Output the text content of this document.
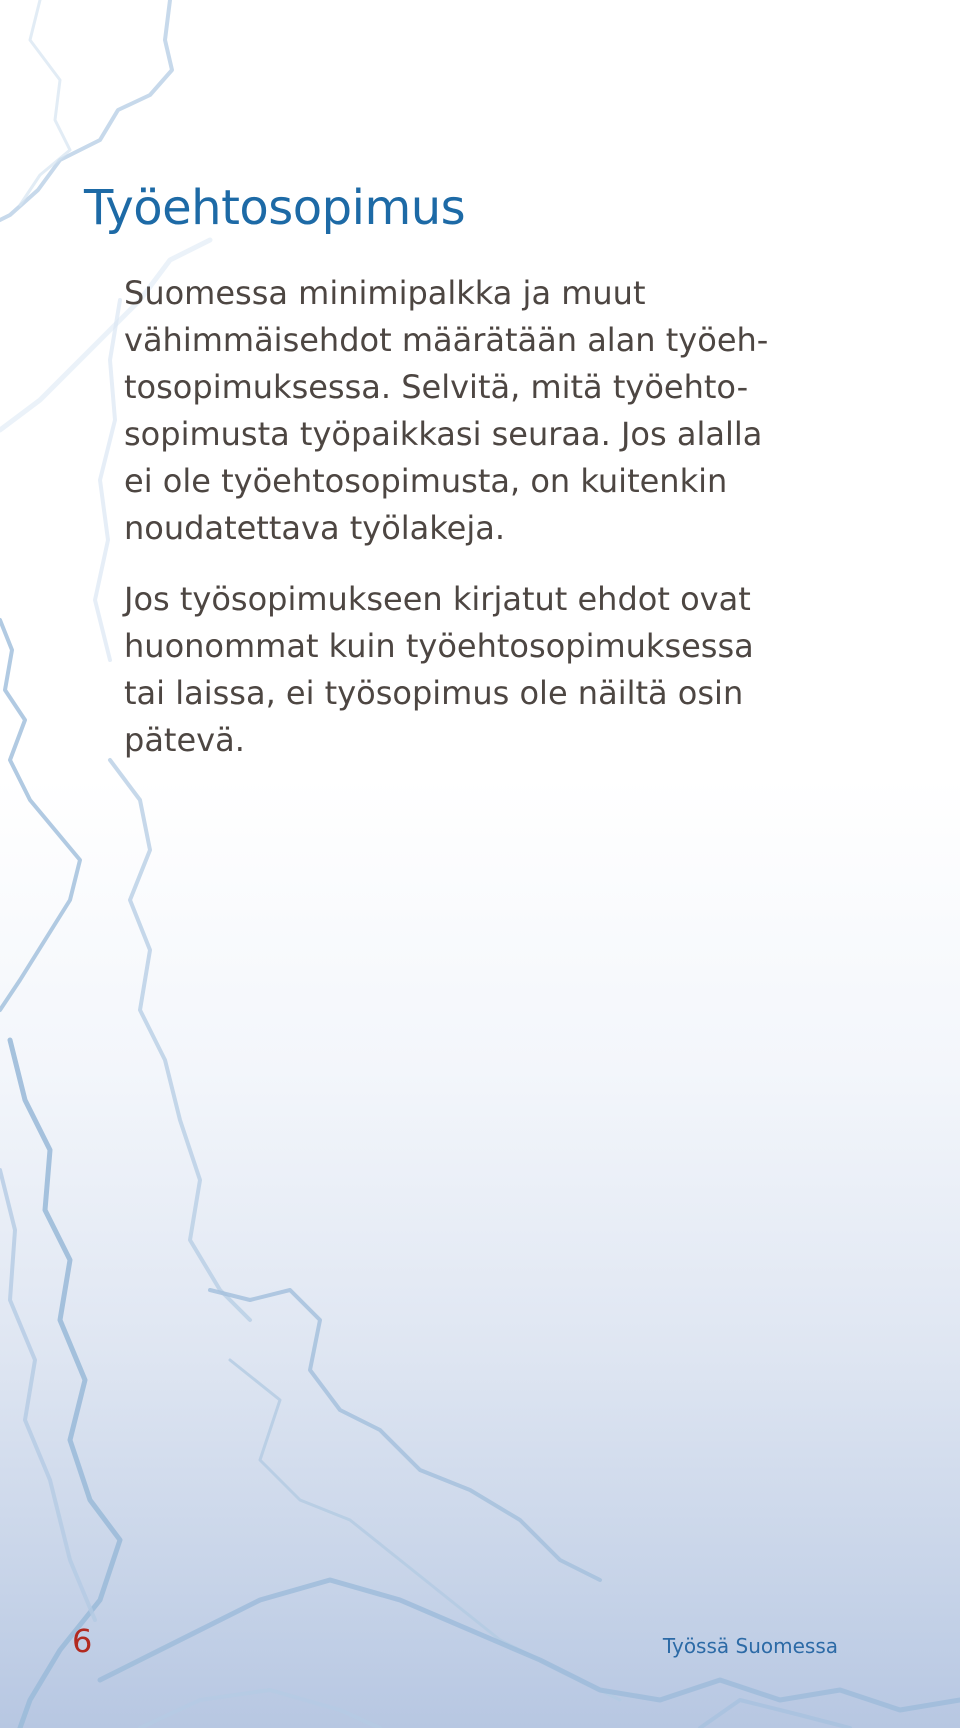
Työehtosopimus

Suomessa minimipalkka ja muut
vähimmäisehdot määrätään alan työeh-
tosopimuksessa. Selvitä, mitä työehto-
sopimusta työpaikkasi seuraa. Jos alalla
ei ole työehtosopimusta, on kuitenkin
noudatettava työlakeja.

Jos työsopimukseen kirjatut ehdot ovat
huonommat kuin työehtosopimuksessa
tai laissa, ei työsopimus ole näiltä osin
pätevä.

6	Työssä Suomessa
